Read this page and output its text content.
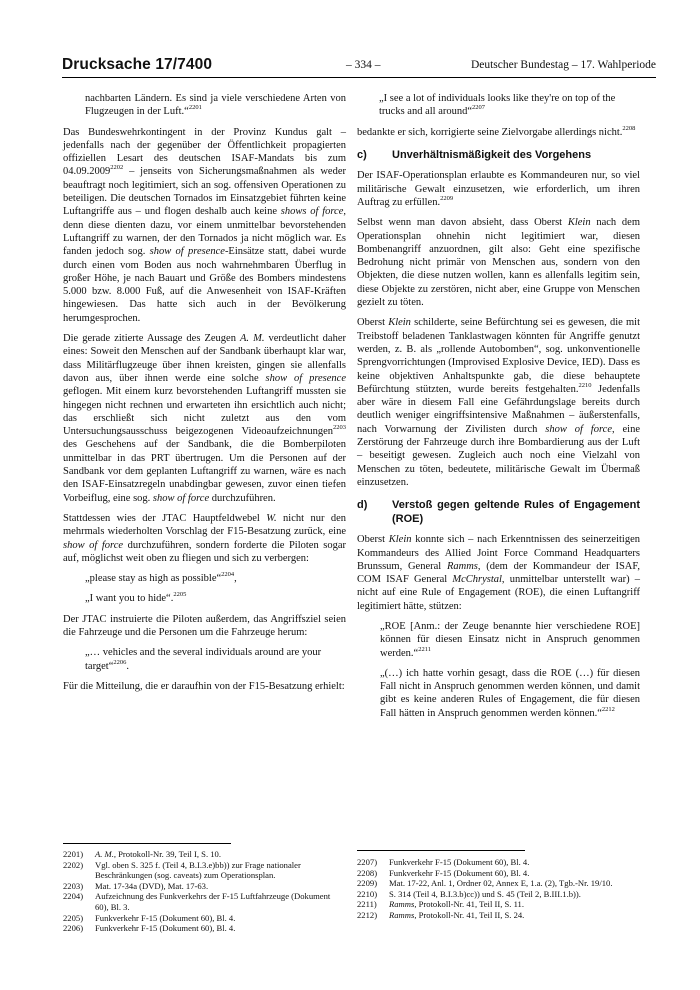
Drucksache 17/7400	– 334 –	Deutscher Bundestag – 17. Wahlperiode

nachbarten Ländern. Es sind ja viele verschiedene Arten von Flugzeugen in der Luft.“$^{2201}$

Das Bundeswehrkontingent in der Provinz Kundus galt – jedenfalls nach der gegenüber der Öffentlichkeit propagierten offiziellen Lesart des deutschen ISAF-Mandats bis zum $04.09.2009^{2202}$ – jenseits von Sicherungsmaßnahmen als weder beauftragt noch legitimiert, sich an sog. offensiven Operationen zu beteiligen. Die deutschen Tornados im Einsatzgebiet führten keine Luftangriffe aus – und flogen deshalb auch keine shows of force, denn diese dienten dazu, vor einem unmittelbar bevorstehenden Luftangriff zu warnen, der den Tornados ja nicht möglich war. Es fanden jedoch sog. show of presence-Einsätze statt, dabei wurde durch einen vom Boden aus noch wahrnehmbaren Überflug in großer Höhe, je nach Bauart und Größe des Bombers mindestens 5.000 bzw. 8.000 Fuß, auf die Anwesenheit von ISAF-Kräften hingewiesen. Das hatte sich auch in der Bevölkerung herumgesprochen.

Die gerade zitierte Aussage des Zeugen A. M. verdeutlicht daher eines: Soweit den Menschen auf der Sandbank überhaupt klar war, dass Militärflugzeuge über ihnen kreisten, gingen sie allenfalls davon aus, über ihnen werde eine solche show of presence geflogen. Mit einem kurz bevorstehenden Luftangriff mussten sie hingegen nicht rechnen und erwarteten ihn ersichtlich auch nicht; das erschließt sich nicht zuletzt aus den vom Untersuchungsausschuss beigezogenen Videoaufzeichnungen$^{2203}$ des Geschehens auf der Sandbank, die die Bomberpiloten unmittelbar in das PRT übertrugen. Um die Personen auf der Sandbank vor dem geplanten Luftangriff zu warnen, wäre es nach den ISAF-Einsatzregeln unabdingbar gewesen, zuvor einen tiefen Vorbeiflug, eine sog. show of force durchzuführen.

Stattdessen wies der JTAC Hauptfeldwebel W. nicht nur den mehrmals wiederholten Vorschlag der F15-Besatzung zurück, eine show of force durchzuführen, sondern forderte die Piloten sogar auf, möglichst weit oben zu fliegen und sich zu verbergen:

„please stay as high as possible“$^{2204}$,

„I want you to hide“.$^{2205}$

Der JTAC instruierte die Piloten außerdem, das Angriffsziel seien die Fahrzeuge und die Personen um die Fahrzeuge herum:

„… vehicles and the several individuals around are your target“$^{2206}$.

Für die Mitteilung, die er daraufhin von der F15-Besatzung erhielt:

„I see a lot of individuals looks like they're on top of the trucks and all around“$^{2207}$

bedankte er sich, korrigierte seine Zielvorgabe allerdings nicht.$^{2208}$

c)	Unverhältnismäßigkeit des Vorgehens

Der ISAF-Operationsplan erlaubte es Kommandeuren nur, so viel militärische Gewalt einzusetzen, wie erforderlich, um ihren Auftrag zu erfüllen.$^{2209}$

Selbst wenn man davon absieht, dass Oberst Klein nach dem Operationsplan ohnehin nicht legitimiert war, diesen Bombenangriff anzuordnen, gilt also: Geht eine spezifische Bedrohung nicht primär von Menschen aus, sondern von den Objekten, die diese nutzen wollen, kann es allenfalls legitim sein, diese Objekte zu zerstören, nicht aber, eine Gruppe von Menschen gezielt zu töten.

Oberst Klein schilderte, seine Befürchtung sei es gewesen, die mit Treibstoff beladenen Tanklastwagen könnten für Angriffe genutzt werden, z. B. als „rollende Autobomben“, sog. unkonventionelle Sprengvorrichtungen (Improvised Explosive Device, IED). Dass es keine objektiven Anhaltspunkte gab, die diese behauptete Befürchtung stützten, wurde bereits festgehalten.$^{2210}$ Jedenfalls aber wäre in diesem Fall eine Gefährdungslage bereits durch deutlich weniger eingriffsintensive Maßnahmen – äußerstenfalls, nach Vorwarnung der Zivilisten durch show of force, eine Zerstörung der Fahrzeuge durch ihre Bombardierung aus der Luft – beseitigt gewesen. Zugleich auch noch eine Vielzahl von Menschen zu töten, bedeutete, militärische Gewalt im Übermaß einzusetzen.

d)	Verstoß gegen geltende Rules of Engagement (ROE)

Oberst Klein konnte sich – nach Erkenntnissen des seinerzeitigen Kommandeurs des Allied Joint Force Command Headquarters Brunssum, General Ramms, (dem der Kommandeur der ISAF, COM ISAF General McChrystal, unmittelbar unterstellt war) – nicht auf eine Rule of Engagement (ROE), die einen Luftangriff legitimiert hätte, stützen:

„ROE [Anm.: der Zeuge benannte hier verschiedene ROE] können für diesen Einsatz nicht in Anspruch genommen werden.“$^{2211}$

„(…) ich hatte vorhin gesagt, dass die ROE (…) für diesen Fall nicht in Anspruch genommen werden können, und damit gibt es keine anderen Rules of Engagement, die für diesen Fall hätten in Anspruch genommen werden können.“$^{2212}$

2201)	A. M., Protokoll-Nr. 39, Teil I, S. 10.
2202)	Vgl. oben S. 325 f. (Teil 4, B.I.3.e)bb)) zur Frage nationaler Beschränkungen (sog. caveats) zum Operationsplan.
2203)	Mat. 17-34a (DVD), Mat. 17-63.
2204)	Aufzeichnung des Funkverkehrs der F-15 Luftfahrzeuge (Dokument 60), Bl. 3.
2205)	Funkverkehr F-15 (Dokument 60), Bl. 4.
2206)	Funkverkehr F-15 (Dokument 60), Bl. 4.
2207)	Funkverkehr F-15 (Dokument 60), Bl. 4.
2208)	Funkverkehr F-15 (Dokument 60), Bl. 4.
2209)	Mat. 17-22, Anl. 1, Ordner 02, Annex E, 1.a. (2), Tgb.-Nr. 19/10.
2210)	S. 314 (Teil 4, B.I.3.b)cc)) und S. 45 (Teil 2, B.III.1.b)).
2211)	Ramms, Protokoll-Nr. 41, Teil II, S. 11.
2212)	Ramms, Protokoll-Nr. 41, Teil II, S. 24.
